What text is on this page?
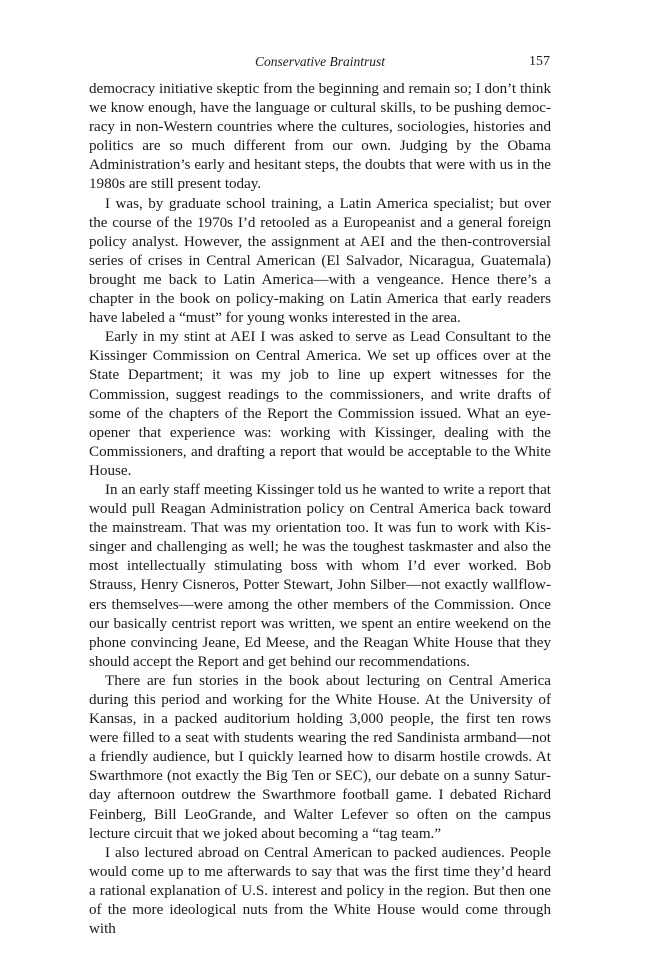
Conservative Braintrust	157

democracy initiative skeptic from the beginning and remain so; I don’t think we know enough, have the language or cultural skills, to be pushing democracy in non-Western countries where the cultures, sociologies, histories and politics are so much different from our own. Judging by the Obama Administration’s early and hesitant steps, the doubts that were with us in the 1980s are still present today.

I was, by graduate school training, a Latin America specialist; but over the course of the 1970s I’d retooled as a Europeanist and a general foreign policy analyst. However, the assignment at AEI and the then-controversial series of crises in Central American (El Salvador, Nicaragua, Guatemala) brought me back to Latin America—with a vengeance. Hence there’s a chapter in the book on policy-making on Latin America that early readers have labeled a “must” for young wonks interested in the area.

Early in my stint at AEI I was asked to serve as Lead Consultant to the Kissinger Commission on Central America. We set up offices over at the State Department; it was my job to line up expert witnesses for the Commission, suggest readings to the commissioners, and write drafts of some of the chapters of the Report the Commission issued. What an eye-opener that experience was: working with Kissinger, dealing with the Commissioners, and drafting a report that would be acceptable to the White House.

In an early staff meeting Kissinger told us he wanted to write a report that would pull Reagan Administration policy on Central America back toward the mainstream. That was my orientation too. It was fun to work with Kissinger and challenging as well; he was the toughest taskmaster and also the most intellectually stimulating boss with whom I’d ever worked. Bob Strauss, Henry Cisneros, Potter Stewart, John Silber—not exactly wallflowers themselves—were among the other members of the Commission. Once our basically centrist report was written, we spent an entire weekend on the phone convincing Jeane, Ed Meese, and the Reagan White House that they should accept the Report and get behind our recommendations.

There are fun stories in the book about lecturing on Central America during this period and working for the White House. At the University of Kansas, in a packed auditorium holding 3,000 people, the first ten rows were filled to a seat with students wearing the red Sandinista armband—not a friendly audience, but I quickly learned how to disarm hostile crowds. At Swarthmore (not exactly the Big Ten or SEC), our debate on a sunny Saturday afternoon outdrew the Swarthmore football game. I debated Richard Feinberg, Bill LeoGrande, and Walter Lefever so often on the campus lecture circuit that we joked about becoming a “tag team.”

I also lectured abroad on Central American to packed audiences. People would come up to me afterwards to say that was the first time they’d heard a rational explanation of U.S. interest and policy in the region. But then one of the more ideological nuts from the White House would come through with
